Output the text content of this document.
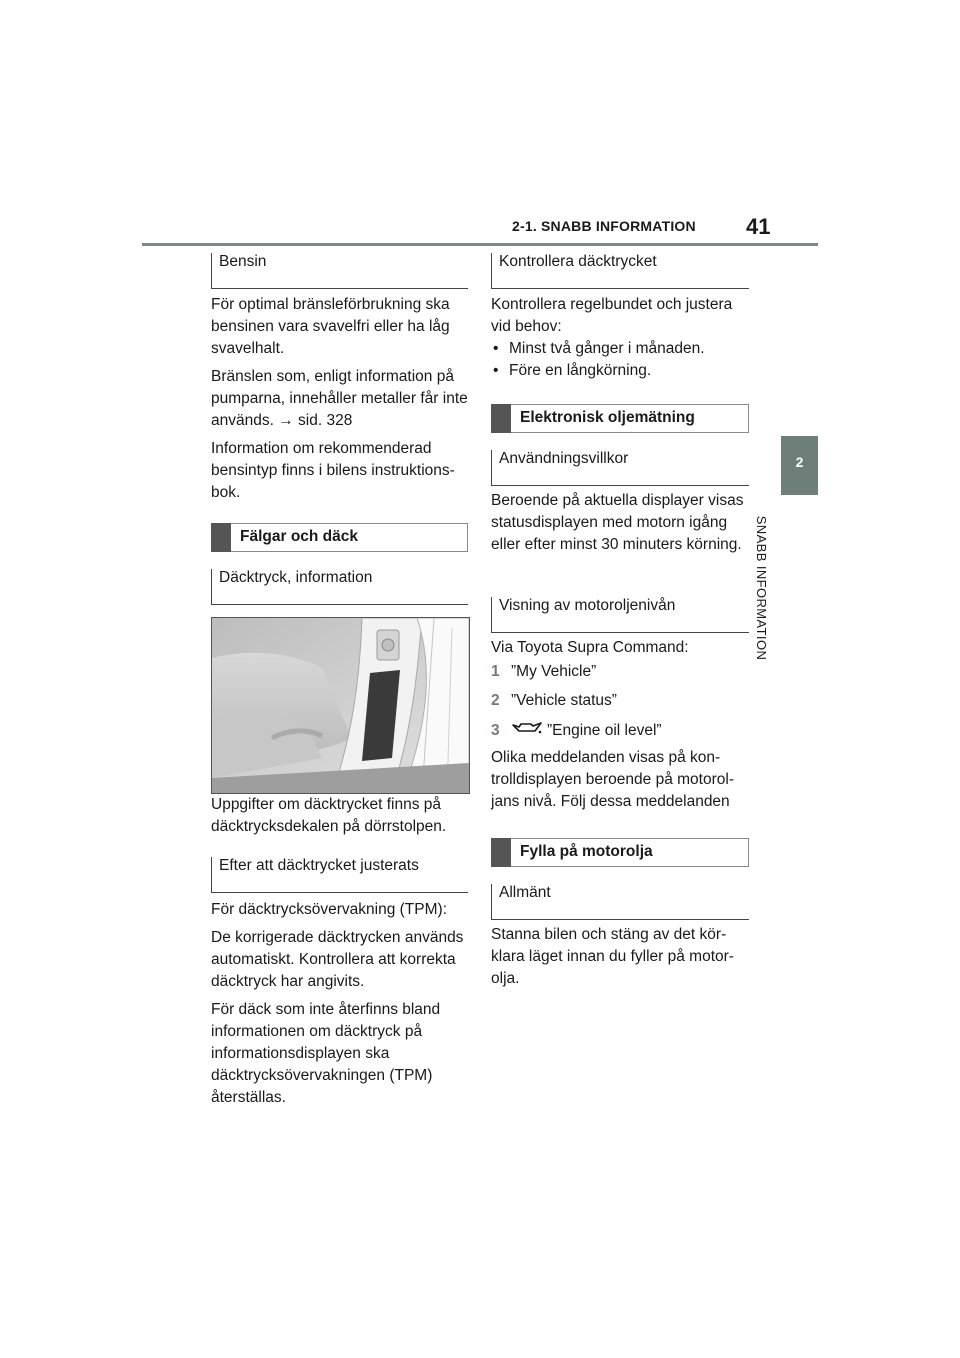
2-1. SNABB INFORMATION 41
2
SNABB INFORMATION
Bensin

För optimal bränsleförbrukning ska bensinen vara svavelfri eller ha låg svavelhalt.

Bränslen som, enligt information på pumparna, innehåller metaller får inte används. → sid. 328

Information om rekommenderad bensintyp finns i bilens instruktions-bok.

Fälgar och däck
Däcktryck, information

Uppgifter om däcktrycket finns på däcktrycksdekalen på dörrstolpen.

Efter att däcktrycket justerats

För däcktrycksövervakning (TPM):

De korrigerade däcktrycken används automatiskt. Kontrollera att korrekta däcktryck har angivits.

För däck som inte återfinns bland informationen om däcktryck på informationsdisplayen ska däcktrycksövervakningen (TPM) återställas.

Kontrollera däcktrycket

Kontrollera regelbundet och justera vid behov:

• Minst två gånger i månaden.
• Före en långkörning.
Elektronisk oljemätning
Användningsvillkor

Beroende på aktuella displayer visas statusdisplayen med motorn igång eller efter minst 30 minuters körning.

Visning av motoroljenivån

Via Toyota Supra Command:

1 ”My Vehicle”
2 ”Vehicle status”
3	”Engine oil level”

Olika meddelanden visas på kon-trolldisplayen beroende på motorol-jans nivå. Följ dessa meddelanden

Fylla på motorolja
Allmänt

Stanna bilen och stäng av det kör-klara läget innan du fyller på motor-olja.
